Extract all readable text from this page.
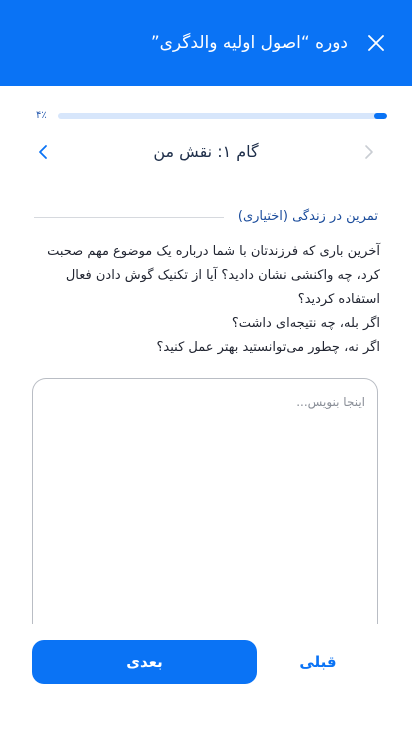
دوره “اصول اولیه والدگری”
۴٪
گام ۱: نقش من
تمرین در زندگی (اختیاری)

آخرین باری که فرزندتان با شما درباره یک موضوع مهم صحبت

کرد، چه واکنشی نشان دادید؟ آیا از تکنیک گوش دادن فعال

استفاده کردید؟

اگر بله، چه نتیجه‌ای داشت؟

اگر نه، چطور می‌توانستید بهتر عمل کنید؟

اینجا بنویس...
قبلی
بعدی
